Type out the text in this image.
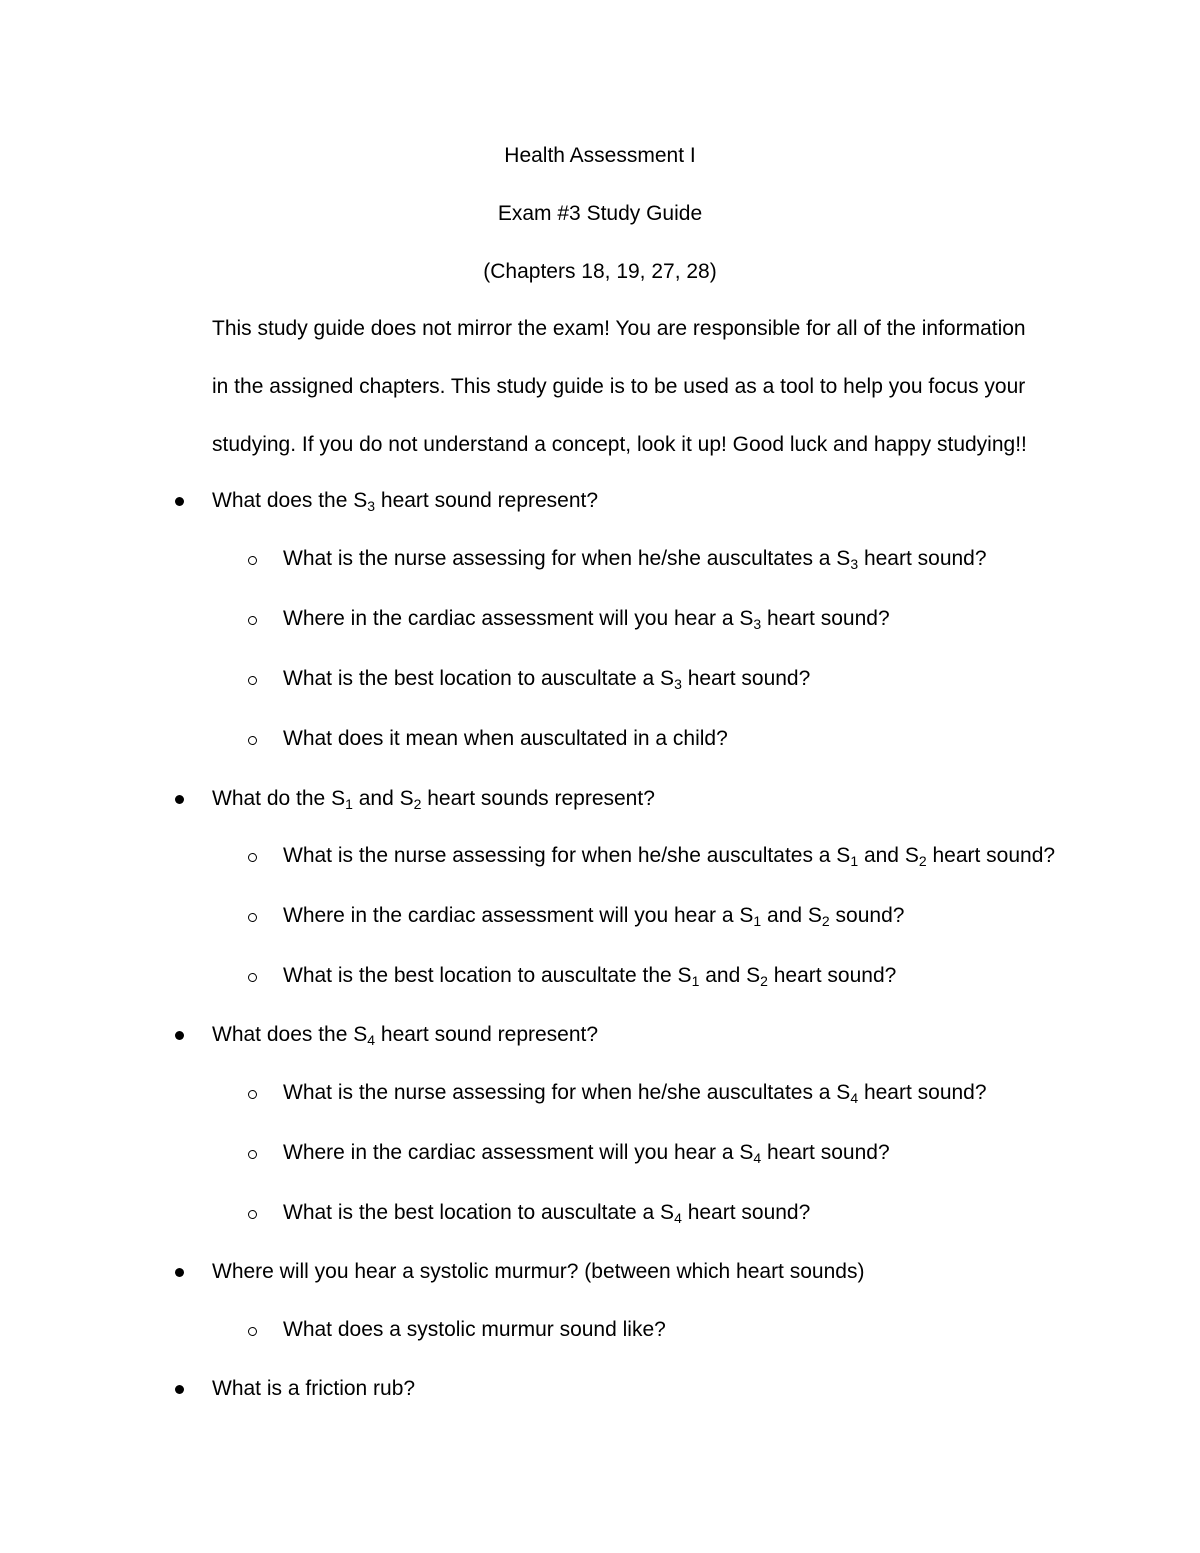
Health Assessment I
Exam #3 Study Guide
(Chapters 18, 19, 27, 28)
This study guide does not mirror the exam! You are responsible for all of the information
in the assigned chapters. This study guide is to be used as a tool to help you focus your
studying. If you do not understand a concept, look it up! Good luck and happy studying!!
What does the $S_3$ heart sound represent?
What is the nurse assessing for when he/she auscultates a $S_3$ heart sound?
Where in the cardiac assessment will you hear a $S_3$ heart sound?
What is the best location to auscultate a $S_3$ heart sound?
What does it mean when auscultated in a child?
What do the $S_1$ and $S_2$ heart sounds represent?
What is the nurse assessing for when he/she auscultates a $S_1$ and $S_2$ heart sound?
Where in the cardiac assessment will you hear a $S_1$ and $S_2$ sound?
What is the best location to auscultate the $S_1$ and $S_2$ heart sound?
What does the $S_4$ heart sound represent?
What is the nurse assessing for when he/she auscultates a $S_4$ heart sound?
Where in the cardiac assessment will you hear a $S_4$ heart sound?
What is the best location to auscultate a $S_4$ heart sound?
Where will you hear a systolic murmur? (between which heart sounds)
What does a systolic murmur sound like?
What is a friction rub?
